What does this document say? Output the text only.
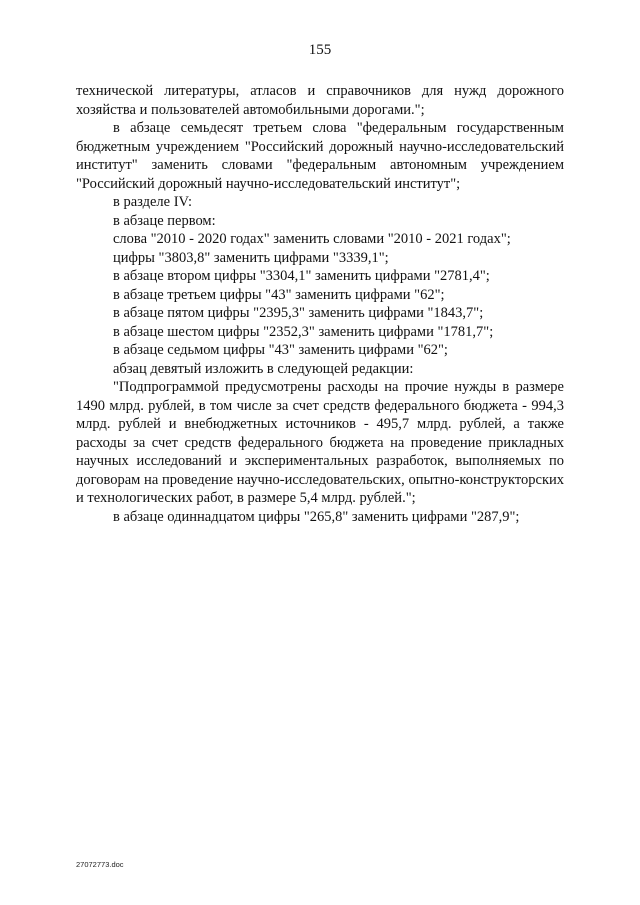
155

технической литературы, атласов и справочников для нужд дорожного хозяйства и пользователей автомобильными дорогами.";

в абзаце семьдесят третьем слова "федеральным государственным бюджетным учреждением "Российский дорожный научно-исследовательский институт" заменить словами "федеральным автономным учреждением "Российский дорожный научно-исследовательский институт";

в разделе IV:

в абзаце первом:

слова "2010 - 2020 годах" заменить словами "2010 - 2021 годах";

цифры "3803,8" заменить цифрами "3339,1";

в абзаце втором цифры "3304,1" заменить цифрами "2781,4";

в абзаце третьем цифры "43" заменить цифрами "62";

в абзаце пятом цифры "2395,3" заменить цифрами "1843,7";

в абзаце шестом цифры "2352,3" заменить цифрами "1781,7";

в абзаце седьмом цифры "43" заменить цифрами "62";

абзац девятый изложить в следующей редакции:

"Подпрограммой предусмотрены расходы на прочие нужды в размере 1490 млрд. рублей, в том числе за счет средств федерального бюджета - 994,3 млрд. рублей и внебюджетных источников - 495,7 млрд. рублей, а также расходы за счет средств федерального бюджета на проведение прикладных научных исследований и экспериментальных разработок, выполняемых по договорам на проведение научно-исследовательских, опытно-конструкторских и технологических работ, в размере 5,4 млрд. рублей.";

в абзаце одиннадцатом цифры "265,8" заменить цифрами "287,9";

27072773.doc
